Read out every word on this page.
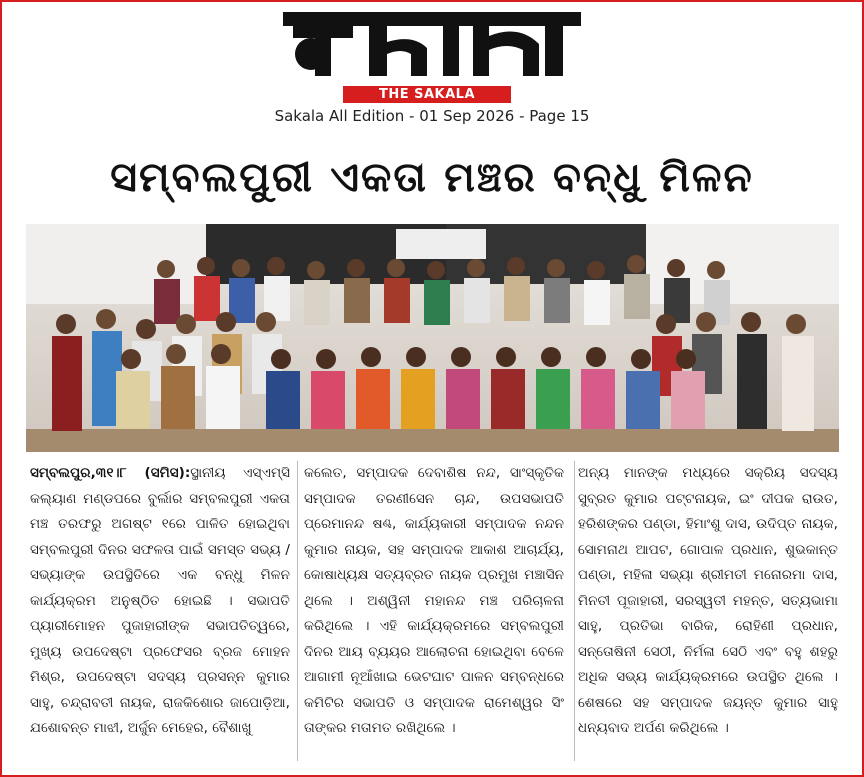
THE SAKALA
Sakala All Edition - 01 Sep 2026 - Page 15
ସମ୍ବଲପୁରୀ ଏକତା ମଞ୍ଚର ବନ୍ଧୁ ମିଳନ
ସମ୍ବଲପୁର,୩୧।୮ (ସମିସ):ସ୍ଥାନୀୟ ଏସ୍‌ଏମ୍‌ସି କଲ୍ୟାଣ ମଣ୍ଡପରେ ବୁର୍ଲାର ସମ୍ବଲପୁରୀ ଏକତା ମଞ୍ଚ ତରଫରୁ ଅଗଷ୍ଟ ୧ରେ ପାଳିତ ହୋଇଥିବା ସମ୍ବଲପୁରୀ ଦିନର ସଫଳତା ପାଇଁ ସମସ୍ତ ସଭ୍ୟ /ସଭ୍ୟାଙ୍କ ଉପସ୍ଥିତିରେ ଏକ ବନ୍ଧୁ ମିଳନ କାର୍ଯ୍ୟକ୍ରମ ଅନୁଷ୍ଠିତ ହୋଇଛି । ସଭାପତି ପ୍ୟାରୀମୋହନ ପୁଜାହାରୀଙ୍କ ସଭାପତିତ୍ୱରେ, ମୁଖ୍ୟ ଉପଦେଷ୍ଟା ପ୍ରଫେସର ବ୍ରଜ ମୋହନ ମିଶ୍ର, ଉପଦେଷ୍ଟା ସଦସ୍ୟ ପ୍ରସନ୍ନ କୁମାର ସାହୁ, ଚନ୍ଦ୍ରାବତୀ ନାୟକ, ରାଜକିଶୋର ଜାପୋଡ଼ିଆ, ଯଶୋବନ୍ତ ମାଝୀ, ଅର୍ଜୁନ ମେହେର, ବୈଶାଖୁ
କଲେତ, ସମ୍ପାଦକ ଦେବାଶିଷ ନନ୍ଦ, ସାଂସ୍କୃତିକ ସମ୍ପାଦକ ତରଣୀସେନ ଚାନ୍ଦ, ଉପସଭାପତି ପ୍ରେମାନନ୍ଦ ଷଣ୍ଢ, କାର୍ଯ୍ୟକାରୀ ସମ୍ପାଦକ ନନ୍ଦନ କୁମାର ନାୟକ, ସହ ସମ୍ପାଦକ ଆକାଶ ଆଚାର୍ଯ୍ୟ, କୋଷାଧ୍ୟକ୍ଷ ସତ୍ୟବ୍ରତ ନାୟକ ପ୍ରମୁଖ ମଞ୍ଚାସିନ ଥିଲେ । ଅଶ୍ୱିନୀ ମହାନନ୍ଦ ମଞ୍ଚ ପରିଚାଳନା କରିଥିଲେ । ଏହି କାର୍ଯ୍ୟକ୍ରମରେ ସମ୍ବଲପୁରୀ ଦିନର ଆୟ ବ୍ୟୟର ଆଲୋଚନା ହୋଇଥିବା ବେଳେ ଆଗାମୀ ନୂଆଁଖାଇ ଭେଟଘାଟ ପାଳନ ସମ୍ବନ୍ଧରେ କମିଟିର ସଭାପତି ଓ ସମ୍ପାଦକ ରାମେଶ୍ୱର ସିଂ ତାଙ୍କର ମତାମତ ରଖିଥିଲେ ।
ଅନ୍ୟ ମାନଙ୍କ ମଧ୍ୟରେ ସକ୍ରିୟ ସଦସ୍ୟ ସୁବ୍ରତ କୁମାର ପଟ୍ଟନାୟକ, ଇଂ ଦୀପକ ରାଉତ, ହରିଶଙ୍କର ପଣ୍ଡା, ହିମାଂଶୁ ଦାସ, ଉଦିପ୍ତ ନାୟକ, ସୋମନାଥ ଆପଟ, ଗୋପାଳ ପ୍ରଧାନ, ଶୁଭକାନ୍ତ ପଣ୍ଡା, ମହିଳା ସଭ୍ୟା ଶ୍ରୀମତୀ ମନୋରମା ଦାସ, ମିନତୀ ପୂଜାହାରୀ, ସରସ୍ୱତୀ ମହନ୍ତ, ସତ୍ୟଭାମା ସାହୁ, ପ୍ରତିଭା ବାରିକ, ରୋହିଣୀ ପ୍ରଧାନ, ସନ୍ତୋଷିନୀ ସେଠୀ, ନିର୍ମଳା ସେଠି ଏବଂ ବହୁ ଶହରୁ ଅଧିକ ସଭ୍ୟ କାର୍ଯ୍ୟକ୍ରମରେ ଉପସ୍ଥିତ ଥିଲେ । ଶେଷରେ ସହ ସମ୍ପାଦକ ଜୟନ୍ତ କୁମାର ସାହୁ ଧନ୍ୟବାଦ ଅର୍ପଣ କରିଥିଲେ ।
